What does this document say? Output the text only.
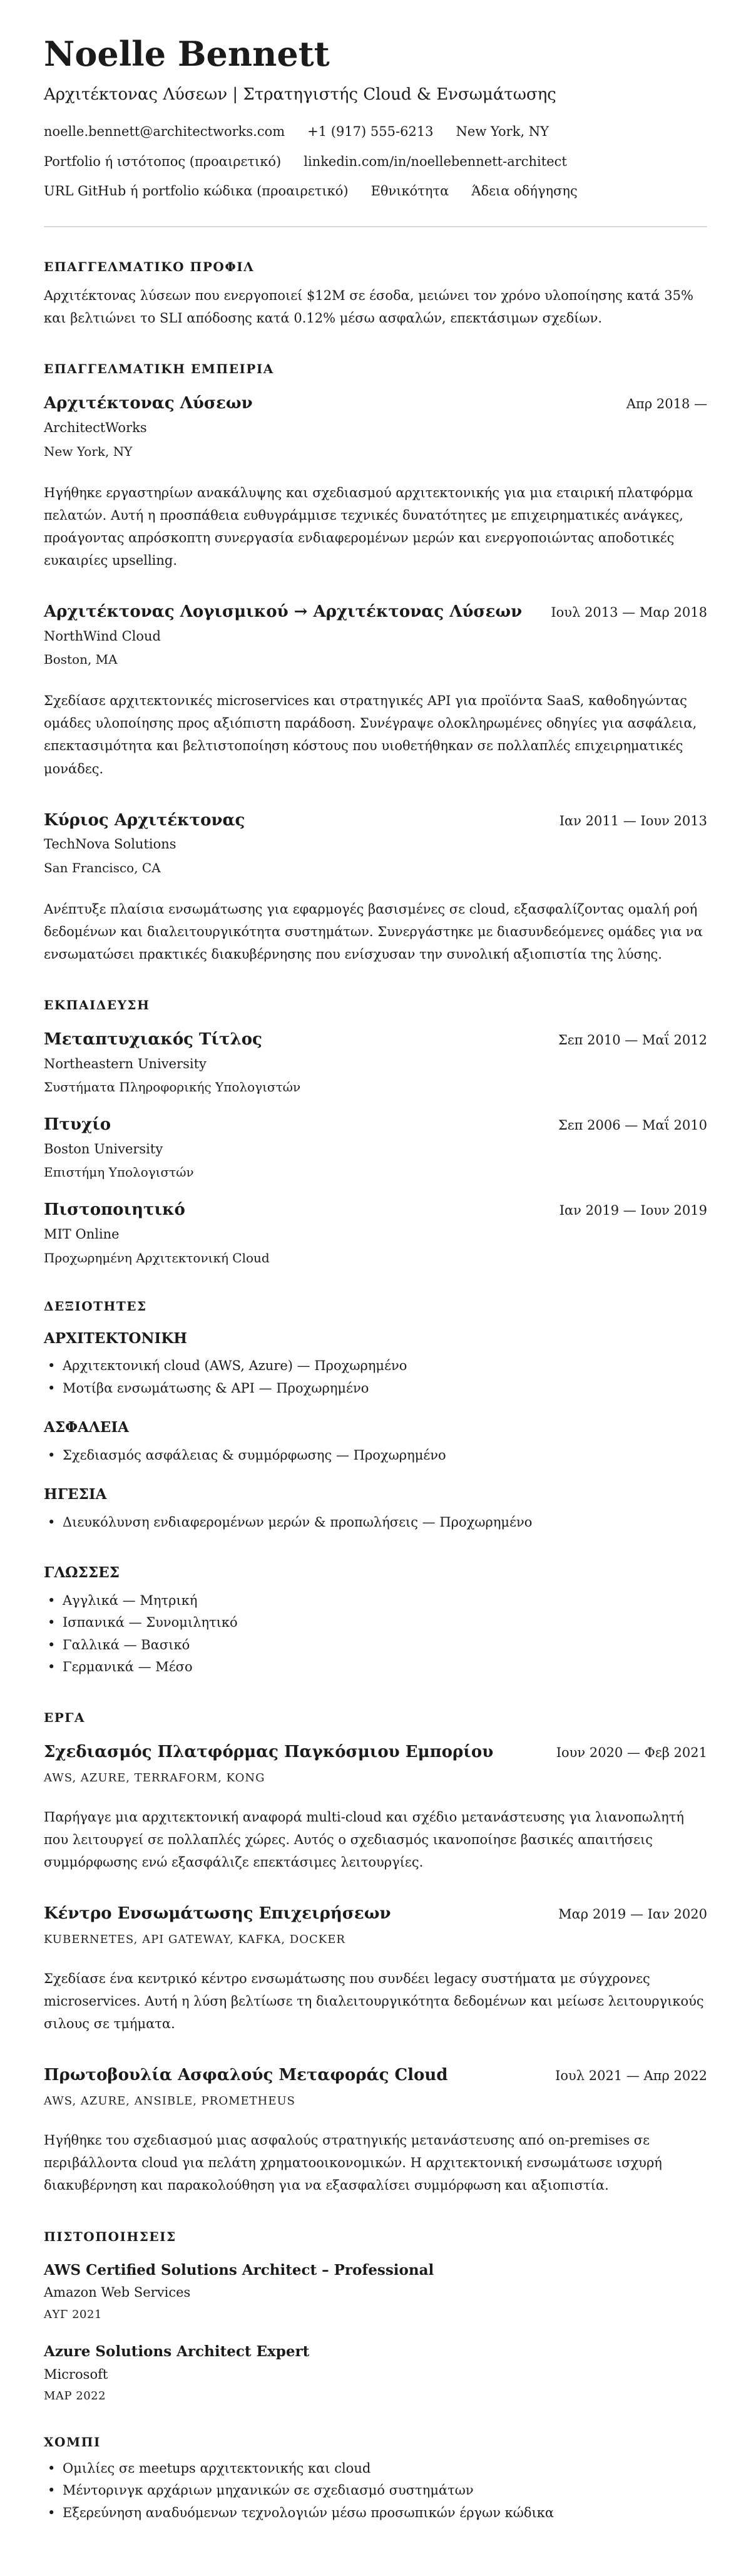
Noelle Bennett
Αρχιτέκτονας Λύσεων | Στρατηγιστής Cloud & Ενσωμάτωσης
noelle.bennett@architectworks.com +1 (917) 555-6213 New York, NY
Portfolio ή ιστότοπος (προαιρετικό) linkedin.com/in/noellebennett-architect
URL GitHub ή portfolio κώδικα (προαιρετικό) Εθνικότητα Άδεια οδήγησης
ΕΠΑΓΓΕΛΜΑΤΙΚΟ ΠΡΟΦΙΛ

Αρχιτέκτονας λύσεων που ενεργοποιεί $12M σε έσοδα, μειώνει τον χρόνο υλοποίησης κατά 35% και βελτιώνει το SLI απόδοσης κατά 0.12% μέσω ασφαλών, επεκτάσιμων σχεδίων.

ΕΠΑΓΓΕΛΜΑΤΙΚΗ ΕΜΠΕΙΡΙΑ
Αρχιτέκτονας Λύσεων	Απρ 2018 —
ArchitectWorks
New York, NY

Ηγήθηκε εργαστηρίων ανακάλυψης και σχεδιασμού αρχιτεκτονικής για μια εταιρική πλατφόρμα πελατών. Αυτή η προσπάθεια ευθυγράμμισε τεχνικές δυνατότητες με επιχειρηματικές ανάγκες, προάγοντας απρόσκοπτη συνεργασία ενδιαφερομένων μερών και ενεργοποιώντας αποδοτικές ευκαιρίες upselling.

Αρχιτέκτονας Λογισμικού → Αρχιτέκτονας Λύσεων Ιουλ 2013 — Μαρ 2018
NorthWind Cloud
Boston, MA

Σχεδίασε αρχιτεκτονικές microservices και στρατηγικές API για προϊόντα SaaS, καθοδηγώντας ομάδες υλοποίησης προς αξιόπιστη παράδοση. Συνέγραψε ολοκληρωμένες οδηγίες για ασφάλεια, επεκτασιμότητα και βελτιστοποίηση κόστους που υιοθετήθηκαν σε πολλαπλές επιχειρηματικές μονάδες.

Κύριος Αρχιτέκτονας	Ιαν 2011 — Ιουν 2013
TechNova Solutions
San Francisco, CA

Ανέπτυξε πλαίσια ενσωμάτωσης για εφαρμογές βασισμένες σε cloud, εξασφαλίζοντας ομαλή ροή δεδομένων και διαλειτουργικότητα συστημάτων. Συνεργάστηκε με διασυνδεόμενες ομάδες για να ενσωματώσει πρακτικές διακυβέρνησης που ενίσχυσαν την συνολική αξιοπιστία της λύσης.

ΕΚΠΑΙΔΕΥΣΗ
Μεταπτυχιακός Τίτλος	Σεπ 2010 — Μαΐ 2012
Northeastern University
Συστήματα Πληροφορικής Υπολογιστών
Πτυχίο	Σεπ 2006 — Μαΐ 2010
Boston University
Επιστήμη Υπολογιστών
Πιστοποιητικό	Ιαν 2019 — Ιουν 2019
MIT Online
Προχωρημένη Αρχιτεκτονική Cloud
ΔΕΞΙΟΤΗΤΕΣ
ΑΡΧΙΤΕΚΤΟΝΙΚΗ
• Αρχιτεκτονική cloud (AWS, Azure) — Προχωρημένο
• Μοτίβα ενσωμάτωσης & API — Προχωρημένο
ΑΣΦΑΛΕΙΑ
• Σχεδιασμός ασφάλειας & συμμόρφωσης — Προχωρημένο
ΗΓΕΣΙΑ
• Διευκόλυνση ενδιαφερομένων μερών & προπωλήσεις — Προχωρημένο
ΓΛΩΣΣΕΣ
• Αγγλικά — Μητρική
• Ισπανικά — Συνομιλητικό
• Γαλλικά — Βασικό
• Γερμανικά — Μέσο
ΕΡΓΑ
Σχεδιασμός Πλατφόρμας Παγκόσμιου Εμπορίου	Ιουν 2020 — Φεβ 2021
AWS, AZURE, TERRAFORM, KONG

Παρήγαγε μια αρχιτεκτονική αναφορά multi-cloud και σχέδιο μετανάστευσης για λιανοπωλητή που λειτουργεί σε πολλαπλές χώρες. Αυτός ο σχεδιασμός ικανοποίησε βασικές απαιτήσεις συμμόρφωσης ενώ εξασφάλιζε επεκτάσιμες λειτουργίες.

Κέντρο Ενσωμάτωσης Επιχειρήσεων	Μαρ 2019 — Ιαν 2020
KUBERNETES, API GATEWAY, KAFKA, DOCKER

Σχεδίασε ένα κεντρικό κέντρο ενσωμάτωσης που συνδέει legacy συστήματα με σύγχρονες microservices. Αυτή η λύση βελτίωσε τη διαλειτουργικότητα δεδομένων και μείωσε λειτουργικούς σιλους σε τμήματα.

Πρωτοβουλία Ασφαλούς Μεταφοράς Cloud	Ιουλ 2021 — Απρ 2022
AWS, AZURE, ANSIBLE, PROMETHEUS

Ηγήθηκε του σχεδιασμού μιας ασφαλούς στρατηγικής μετανάστευσης από on-premises σε περιβάλλοντα cloud για πελάτη χρηματοοικονομικών. Η αρχιτεκτονική ενσωμάτωσε ισχυρή διακυβέρνηση και παρακολούθηση για να εξασφαλίσει συμμόρφωση και αξιοπιστία.

ΠΙΣΤΟΠΟΙΗΣΕΙΣ
AWS Certified Solutions Architect – Professional
Amazon Web Services
ΑΥΓ 2021
Azure Solutions Architect Expert
Microsoft
ΜΑΡ 2022
ΧΟΜΠΙ
• Ομιλίες σε meetups αρχιτεκτονικής και cloud
• Μέντορινγκ αρχάριων μηχανικών σε σχεδιασμό συστημάτων
• Εξερεύνηση αναδυόμενων τεχνολογιών μέσω προσωπικών έργων κώδικα
